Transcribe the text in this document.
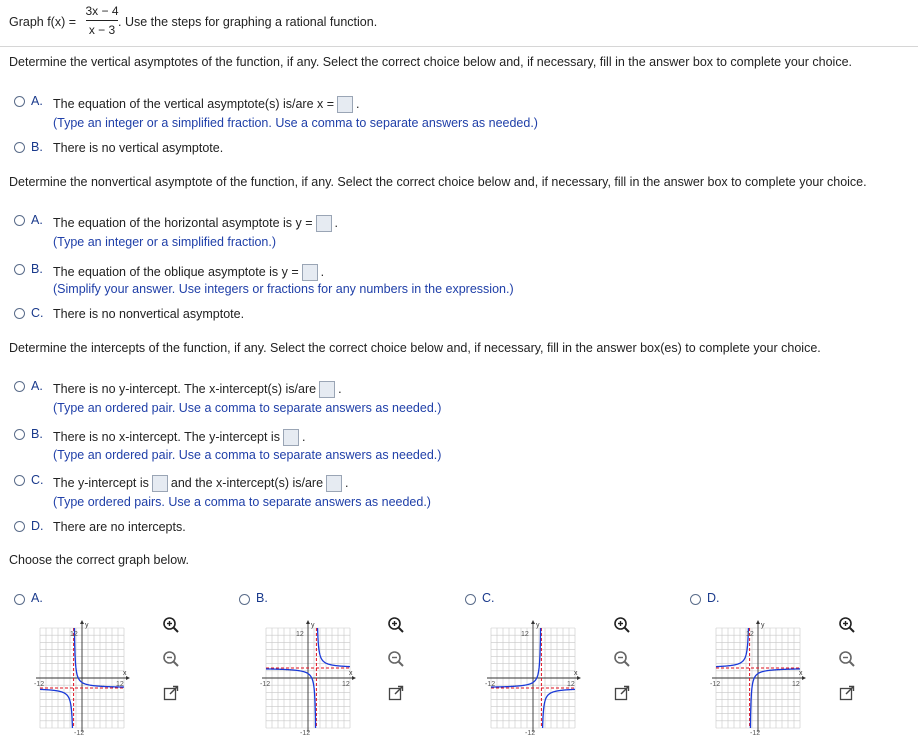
Graph f(x) =
3x − 4
x − 3
. Use the steps for graphing a rational function.
Determine the vertical asymptotes of the function, if any. Select the correct choice below and, if necessary, fill in the answer box to complete your choice.
A. The equation of the vertical asymptote(s) is/are x = .
(Type an integer or a simplified fraction. Use a comma to separate answers as needed.)
B. There is no vertical asymptote.
Determine the nonvertical asymptote of the function, if any. Select the correct choice below and, if necessary, fill in the answer box to complete your choice.
A. The equation of the horizontal asymptote is y = .
(Type an integer or a simplified fraction.)
B. The equation of the oblique asymptote is y = .
(Simplify your answer. Use integers or fractions for any numbers in the expression.)
C. There is no nonvertical asymptote.
Determine the intercepts of the function, if any. Select the correct choice below and, if necessary, fill in the answer box(es) to complete your choice.
A. There is no y-intercept. The x-intercept(s) is/are .
(Type an ordered pair. Use a comma to separate answers as needed.)
B. There is no x-intercept. The y-intercept is .
(Type an ordered pair. Use a comma to separate answers as needed.)
C. The y-intercept is and the x-intercept(s) is/are .
(Type ordered pairs. Use a comma to separate answers as needed.)
D. There are no intercepts.
Choose the correct graph below.
A.	B.	C.	D.
y
x
12
-12
-12	12
y
x
12
-12
-12	12
y
x
12
-12
-12	12
y
x
12
-12
-12	12
